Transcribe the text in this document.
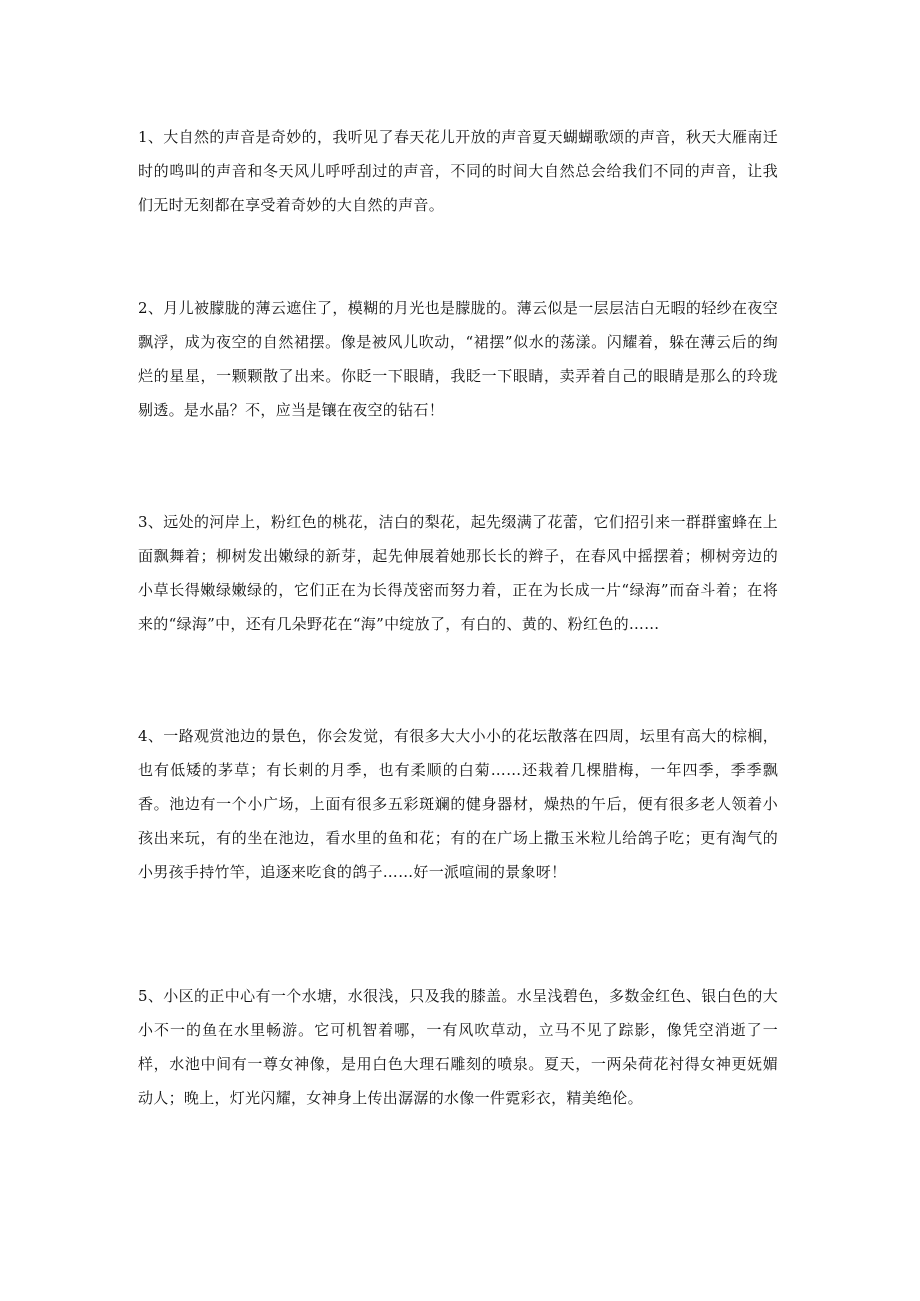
1、大自然的声音是奇妙的，我听见了春天花儿开放的声音夏天蝴蝴歌颂的声音，秋天大雁南迁时的鸣叫的声音和冬天风儿呼呼刮过的声音，不同的时间大自然总会给我们不同的声音，让我们无时无刻都在享受着奇妙的大自然的声音。

2、月儿被朦胧的薄云遮住了，模糊的月光也是朦胧的。薄云似是一层层洁白无暇的轻纱在夜空飘浮，成为夜空的自然裙摆。像是被风儿吹动，“裙摆”似水的荡漾。闪耀着，躲在薄云后的绚烂的星星，一颗颗散了出来。你眨一下眼睛，我眨一下眼睛，卖弄着自己的眼睛是那么的玲珑剔透。是水晶？不，应当是镶在夜空的钻石！

3、远处的河岸上，粉红色的桃花，洁白的梨花，起先缀满了花蕾，它们招引来一群群蜜蜂在上面飘舞着；柳树发出嫩绿的新芽，起先伸展着她那长长的辫子，在春风中摇摆着；柳树旁边的小草长得嫩绿嫩绿的，它们正在为长得茂密而努力着，正在为长成一片“绿海”而奋斗着；在将来的“绿海”中，还有几朵野花在“海”中绽放了，有白的、黄的、粉红色的……

4、一路观赏池边的景色，你会发觉，有很多大大小小的花坛散落在四周，坛里有高大的棕榈，也有低矮的茅草；有长刺的月季，也有柔顺的白菊……还栽着几棵腊梅，一年四季，季季飘香。池边有一个小广场，上面有很多五彩斑斓的健身器材，燥热的午后，便有很多老人领着小孩出来玩，有的坐在池边，看水里的鱼和花；有的在广场上撒玉米粒儿给鸽子吃；更有淘气的小男孩手持竹竿，追逐来吃食的鸽子……好一派喧闹的景象呀！

5、小区的正中心有一个水塘，水很浅，只及我的膝盖。水呈浅碧色，多数金红色、银白色的大小不一的鱼在水里畅游。它可机智着哪，一有风吹草动，立马不见了踪影，像凭空消逝了一样，水池中间有一尊女神像，是用白色大理石雕刻的喷泉。夏天，一两朵荷花衬得女神更妩媚动人；晚上，灯光闪耀，女神身上传出潺潺的水像一件霓彩衣，精美绝伦。
